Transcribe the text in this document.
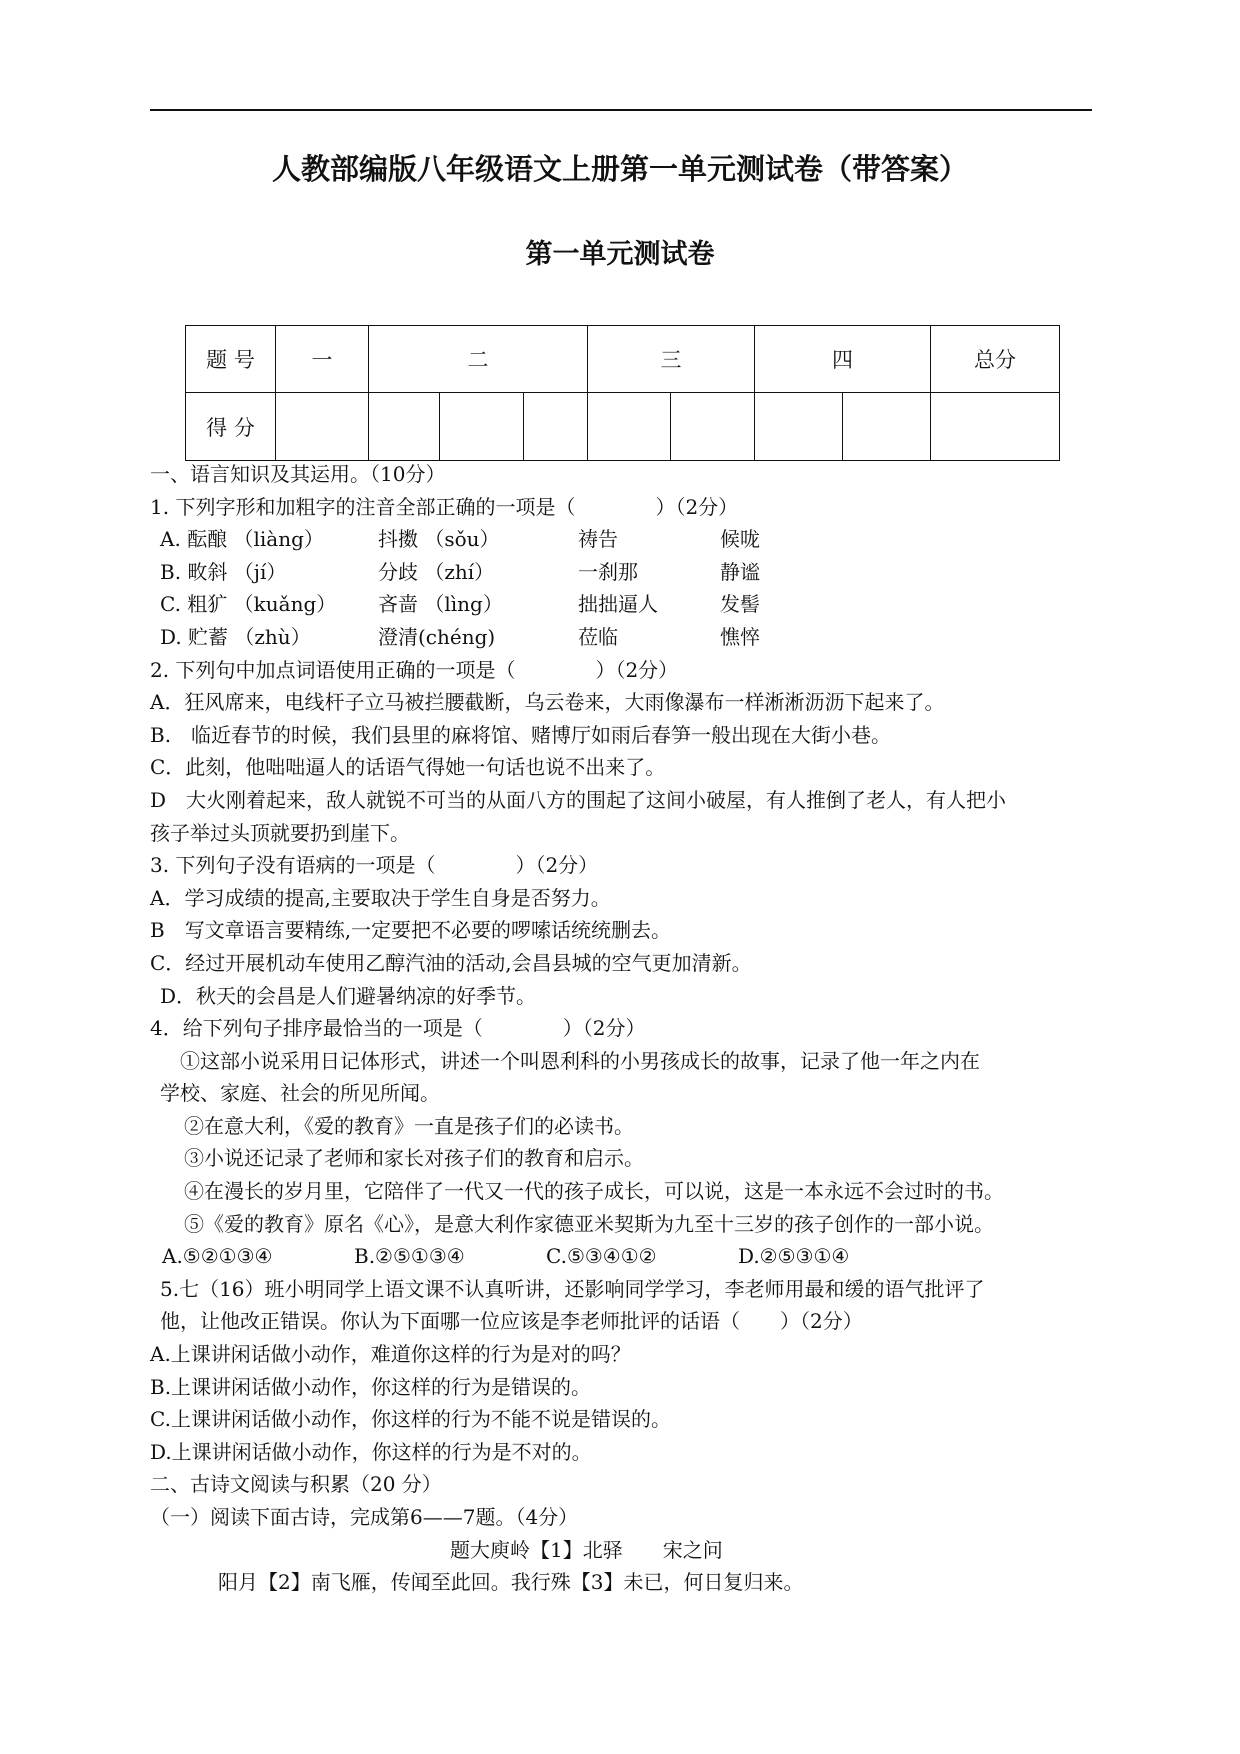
人教部编版八年级语文上册第一单元测试卷（带答案）
第一单元测试卷
题 号	一	二			三		四		总分
得 分									
一、语言知识及其运用。（10分）
1. 下列字形和加粗字的注音全部正确的一项是（　　　　）（2分）
A. 酝酿 （liàng）	抖擞 （sǒu）	祷告	候咙
B. 畋斜 （jí）	分歧 （zhí）	一刹那	静谧
C. 粗犷 （kuǎng）	吝啬 （lìng）	拙拙逼人	发髻
D. 贮蓄 （zhù）	澄清(chéng)	莅临	憔悴
2. 下列句中加点词语使用正确的一项是（　　　　）（2分）
A．狂风席来，电线杆子立马被拦腰截断，乌云卷来，大雨像瀑布一样淅淅沥沥下起来了。
B.　临近春节的时候，我们县里的麻将馆、赌博厅如雨后春笋一般出现在大街小巷。
C．此刻，他咄咄逼人的话语气得她一句话也说不出来了。
D　大火刚着起来，敌人就锐不可当的从面八方的围起了这间小破屋，有人推倒了老人，有人把小
孩子举过头顶就要扔到崖下。
3. 下列句子没有语病的一项是（　　　　）（2分）
A．学习成绩的提高,主要取决于学生自身是否努力。
B　写文章语言要精练,一定要把不必要的啰嗦话统统删去。
C．经过开展机动车使用乙醇汽油的活动,会昌县城的空气更加清新。
D．秋天的会昌是人们避暑纳凉的好季节。
4．给下列句子排序最恰当的一项是（　　　　）（2分）
①这部小说采用日记体形式，讲述一个叫恩利科的小男孩成长的故事，记录了他一年之内在
学校、家庭、社会的所见所闻。
②在意大利，《爱的教育》一直是孩子们的必读书。
③小说还记录了老师和家长对孩子们的教育和启示。
④在漫长的岁月里，它陪伴了一代又一代的孩子成长，可以说，这是一本永远不会过时的书。
⑤《爱的教育》原名《心》，是意大利作家德亚米契斯为九至十三岁的孩子创作的一部小说。
A.⑤②①③④	B.②⑤①③④	C.⑤③④①②	D.②⑤③①④
5.七（16）班小明同学上语文课不认真听讲，还影响同学学习，李老师用最和缓的语气批评了
他，让他改正错误。你认为下面哪一位应该是李老师批评的话语（　　）（2分）
A.上课讲闲话做小动作，难道你这样的行为是对的吗？
B.上课讲闲话做小动作，你这样的行为是错误的。
C.上课讲闲话做小动作，你这样的行为不能不说是错误的。
D.上课讲闲话做小动作，你这样的行为是不对的。
二、古诗文阅读与积累（20 分）
（一）阅读下面古诗，完成第6——7题。（4分）
题大庾岭【1】北驿　　宋之问
阳月【2】南飞雁，传闻至此回。我行殊【3】未已，何日复归来。
